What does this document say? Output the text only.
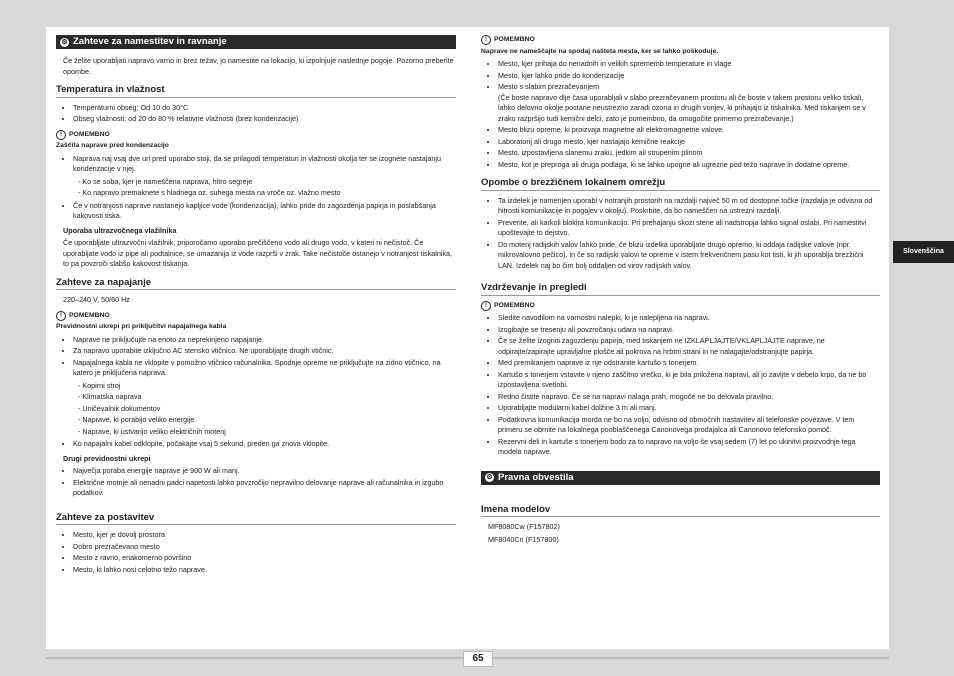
65
Slovenščina
⚙ Zahteve za namestitev in ravnanje

Če želite uporabljati napravo varno in brez težav, jo namestite na lokacijo, ki izpolnjuje naslednje pogoje. Pozorno preberite opombe.

Temperatura in vlažnost
• Temperaturni obseg: Od 10 do 30°C
• Obseg vlažnosti: od 20 do 80 % relativne vlažnosti (brez kondenzacije)
!	POMEMBNO
Zaščita naprave pred kondenzacijo
• Naprava naj vsaj dve uri pred uporabo stoji, da se prilagodi temperaturi in vlažnosti okolja ter se izognete nastajanju kondenzacije v njej.
- Ko se soba, kjer je nameščena naprava, hitro segreje
- Ko napravo premaknete s hladnega oz. suhega mesta na vroče oz. vlažno mesto
• Če v notranjosti naprave nastanejo kapljice vode (kondenzacija), lahko pride do zagozdenja papirja in poslabšanja kakovosti tiska.
Uporaba ultrazvočnega vlažilnika

Če uporabljate ultrazvočni vlažilnik, priporočamo uporabo prečiščeno vodo ali drugo vodo, v kateri ni nečistoč. Če uporabljate vodo iz pipe ali podtalnice, se umazanija iz vode razprši v zrak. Take nečistoče ostanejo v notranjost tiskalnika, to pa povzroči slabšo kakovost tiskanja.

Zahteve za napajanje

220–240 V, 50/60 Hz

!	POMEMBNO
Previdnostni ukrepi pri priključitvi napajalnega kabla
• Naprave ne priključujte na enoto za neprekinjeno napajanje.
• Za napravo uporabite izključno AC stensko vtičnico. Ne uporabljajte drugih vtičnic.
• Napajalnega kabla ne vklopite v pomožno vtičnico računalnika. Spodnje opreme ne priključujte na zidno vtičnico, na katero je priključena naprava.
- Kopirni stroj
- Klimatska naprava
- Uničevalnik dokumentov
- Naprave, ki porabijo veliko energije
- Naprave, ki ustvarijo veliko električnih motenj
• Ko napajalni kabel odklopite, počakajte vsaj 5 sekund, preden ga znova vklopite.
Drugi previdnostni ukrepi
• Največja poraba energije naprave je 900 W ali manj.
• Električne motnje ali nenadni padci napetosti lahko povzročijo nepravilno delovanje naprave ali računalnika in izgubo podatkov.
Zahteve za postavitev
• Mesto, kjer je dovolj prostora
• Dobro prezračevano mesto
• Mesto z ravno, enakomerno površino
• Mesto, ki lahko nosi celotno težo naprave
!	POMEMBNO
Naprave ne nameščajte na spodaj naštetа mesta, ker se lahko poškoduje.
• Mesto, kjer prihaja do nenadnih in velikih sprememb temperature in vlage
• Mesto, kjer lahko pride do kondenzacije
• Mesto s slabim prezračevanjem
(Če boste napravo dlje časa uporabljali v slabo prezračevanem prostoru ali če boste v takem prostoru veliko tiskali, lahko delovno okolje postane neustrezno zaradi ozona in drugih vonjev, ki prihajajo iz tiskalnika. Med tiskanjem se v zraku razpršijo tudi kemični delci, zato je pomembno, da omogočite primerno prezračevanje.)
• Mesto blizu opreme, ki proizvaja magnetne ali elektromagnetne valove
• Laboratorij ali drugo mesto, kjer nastajajo kemične reakcije
• Mesto, izpostavljena slanemu zraku, jedkim ali strupenim plinom
• Mesto, kot je preproga ali druga podlaga, ki se lahko upogne ali ugrezne pod težo naprave in dodatne opreme.
Opombe o brezžičnem lokalnem omrežju
• Ta izdelek je namenjen uporabi v notranjih prostorih na razdalji največ 50 m od dostopne točke (razdalja je odvisna od hitrosti komunikacije in pogojev v okolju). Poskrbite, da bo nameščen na ustrezni razdalji.
• Preverite, ali karkoli blokira komunikacijo. Pri prehajanju skozi stene ali nadstropja lahko signal oslabi. Pri namestitvi upoštevajte to dejstvo.
• Do motenj radijskih valov lahko pride, če blizu izdelka uporabljate drugo opremo, ki oddaja radijske valove (npr. mikrovalovno pečico), in če so radijski valovi te opreme v istem frekvenčnem pasu kot tisti, ki jih uporablja brezžični LAN. Izdelek naj bo čim bolj oddaljen od virov radijskih valov.
Vzdrževanje in pregledi
!	POMEMBNO
• Sledite navodilom na varnostni nalepki, ki je nalepljena na napravi.
• Izogibajte se tresenju ali povzročanju udara na napravi.
• Če se želite izogniti zagozdenju papirja, med tiskanjem ne IZKLAPLJAJTE/VKLAPLJAJTE naprave, ne odpirajte/zapirajte upravljalne plošče ali pokrova na hrbtni strani in ne nalagajte/odstranjujte papirja.
• Med premikanjem naprave iz nje odstranite kartušo s tonerjem.
• Kartušo s tonerjem vstavite v njeno zaščitno vrečko, ki je bila priložena napravi, ali jo zavijte v debelo krpo, da ne bo izpostavljena svetlobi.
• Redno čistite napravo. Če se na napravi nalaga prah, mogoče ne bo delovala pravilno.
• Uporabljajte modularni kabel dolžine 3 m ali manj.
• Podatkovna komunikacija morda ne bo na voljo, odvisno od območnih nastavitev ali telefonske povezave. V tem primeru se obrnite na lokalnega pooblaščenega Canonovega prodajalca ali Canonovo telefonsko pomoč.
• Rezervni deli in kartuše s tonerjem bodo za to napravo na voljo še vsaj sedem (7) let po ukinitvi proizvodnje tega modela naprave.
⚙ Pravna obvestila
Imena modelov

MF8080Cw (F157802)

MF8040Cn (F157800)
